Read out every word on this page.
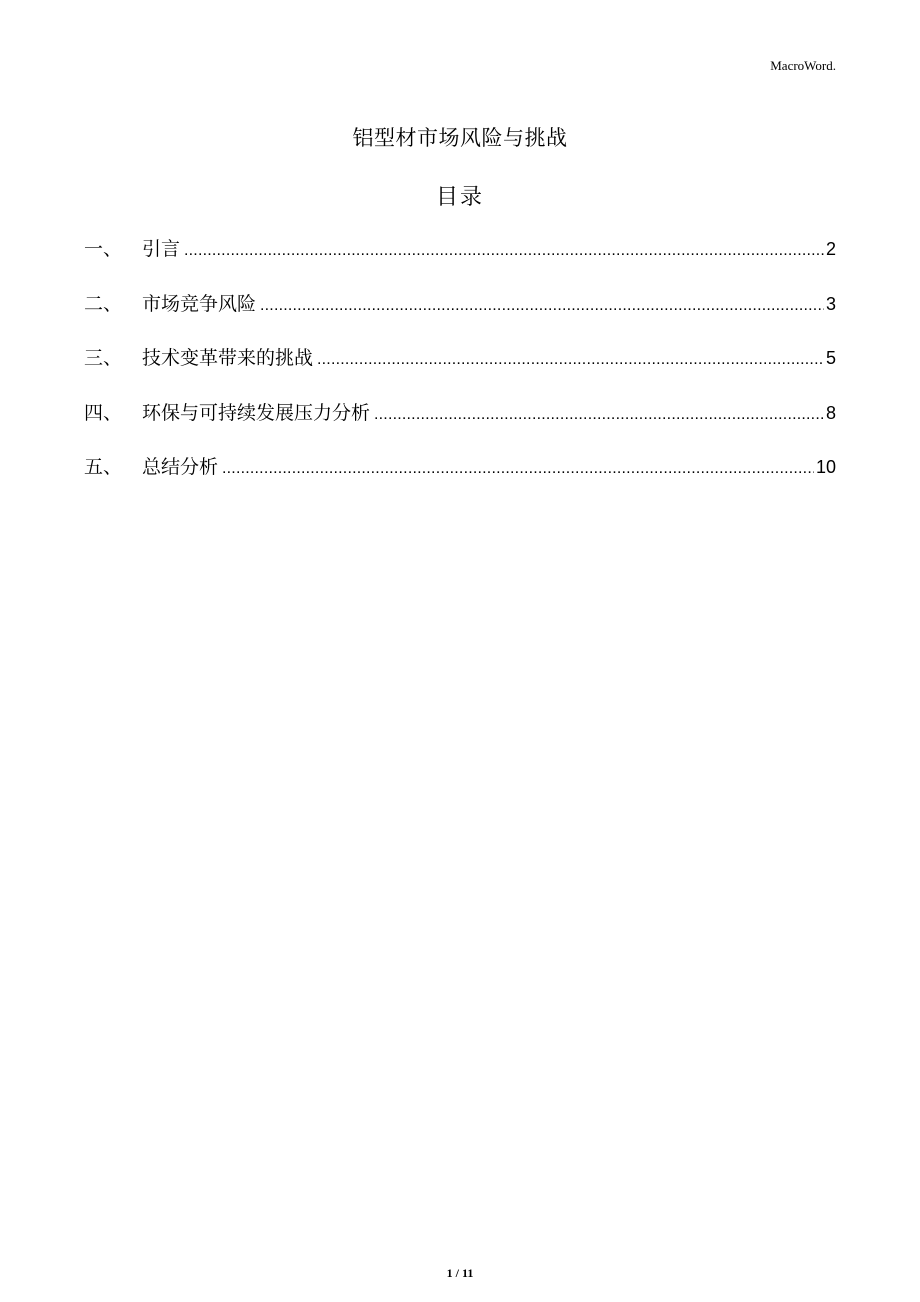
MacroWord.
铝型材市场风险与挑战
目录
一、	引言 .....	2
二、	市场竞争风险 .....	3
三、	技术变革带来的挑战 .....	5
四、	环保与可持续发展压力分析 .....	8
五、	总结分析 .....	10
1 / 11
